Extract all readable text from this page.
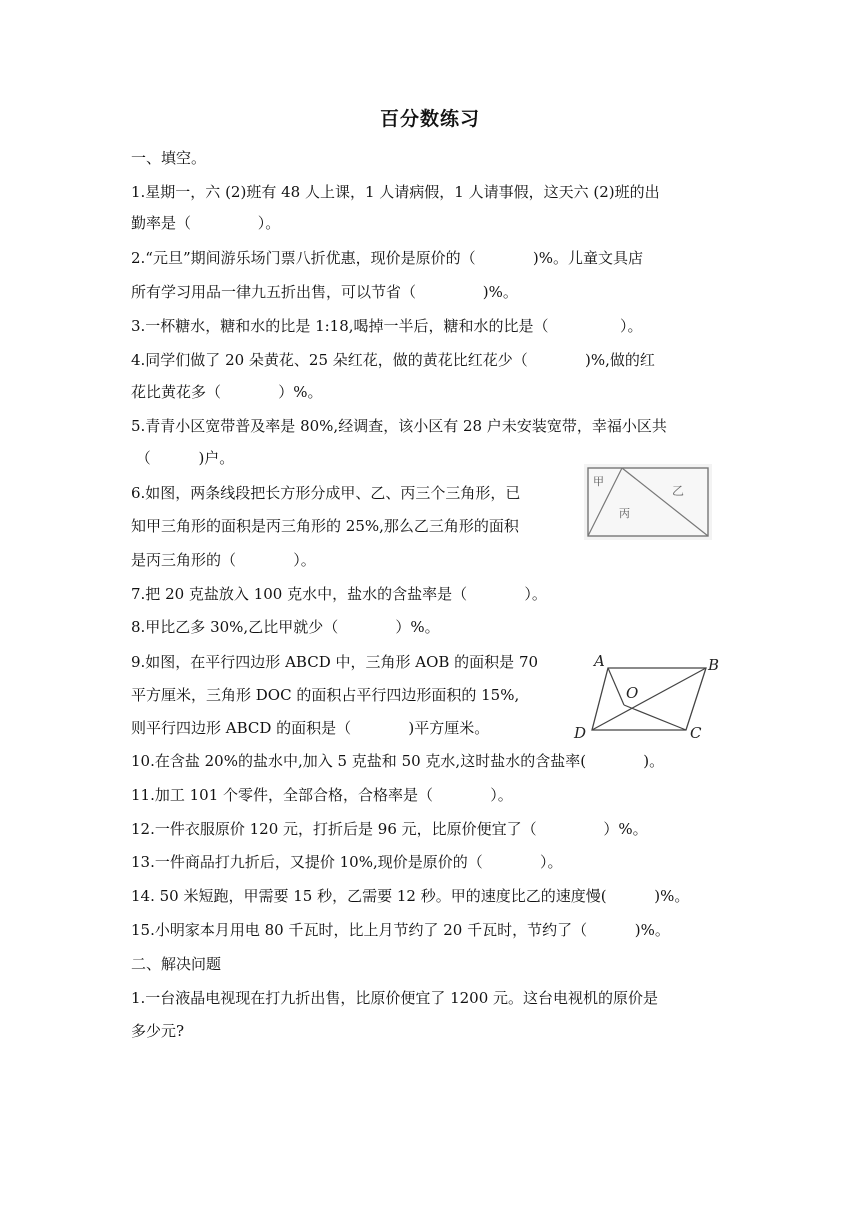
百分数练习
一、填空。
1.星期一，六 (2)班有 48 人上课，1 人请病假，1 人请事假，这天六 (2)班的出
勤率是（              ）。
2.“元旦”期间游乐场门票八折优惠，现价是原价的（            )%。儿童文具店
所有学习用品一律九五折出售，可以节省（              )%。
3.一杯糖水，糖和水的比是 1:18,喝掉一半后，糖和水的比是（               ）。
4.同学们做了 20 朵黄花、25 朵红花，做的黄花比红花少（            )%,做的红
花比黄花多（            ）%。
5.青青小区宽带普及率是 80%,经调查，该小区有 28 户未安装宽带，幸福小区共
（          )户。
6.如图，两条线段把长方形分成甲、乙、丙三个三角形，已
知甲三角形的面积是丙三角形的 25%,那么乙三角形的面积
是丙三角形的（            ）。
甲
乙
丙
7.把 20 克盐放入 100 克水中，盐水的含盐率是（            ）。
8.甲比乙多 30%,乙比甲就少（            ）%。
9.如图，在平行四边形 ABCD 中，三角形 AOB 的面积是 70
平方厘米，三角形 DOC 的面积占平行四边形面积的 15%,
则平行四边形 ABCD 的面积是（            )平方厘米。
A	B
C
D
O
10.在含盐 20%的盐水中,加入 5 克盐和 50 克水,这时盐水的含盐率(            )。
11.加工 101 个零件，全部合格，合格率是（            ）。
12.一件衣服原价 120 元，打折后是 96 元，比原价便宜了（              ）%。
13.一件商品打九折后，又提价 10%,现价是原价的（            ）。
14. 50 米短跑，甲需要 15 秒，乙需要 12 秒。甲的速度比乙的速度慢(          )%。
15.小明家本月用电 80 千瓦时，比上月节约了 20 千瓦时，节约了（          )%。
二、解决问题
1.一台液晶电视现在打九折出售，比原价便宜了 1200 元。这台电视机的原价是
多少元?
